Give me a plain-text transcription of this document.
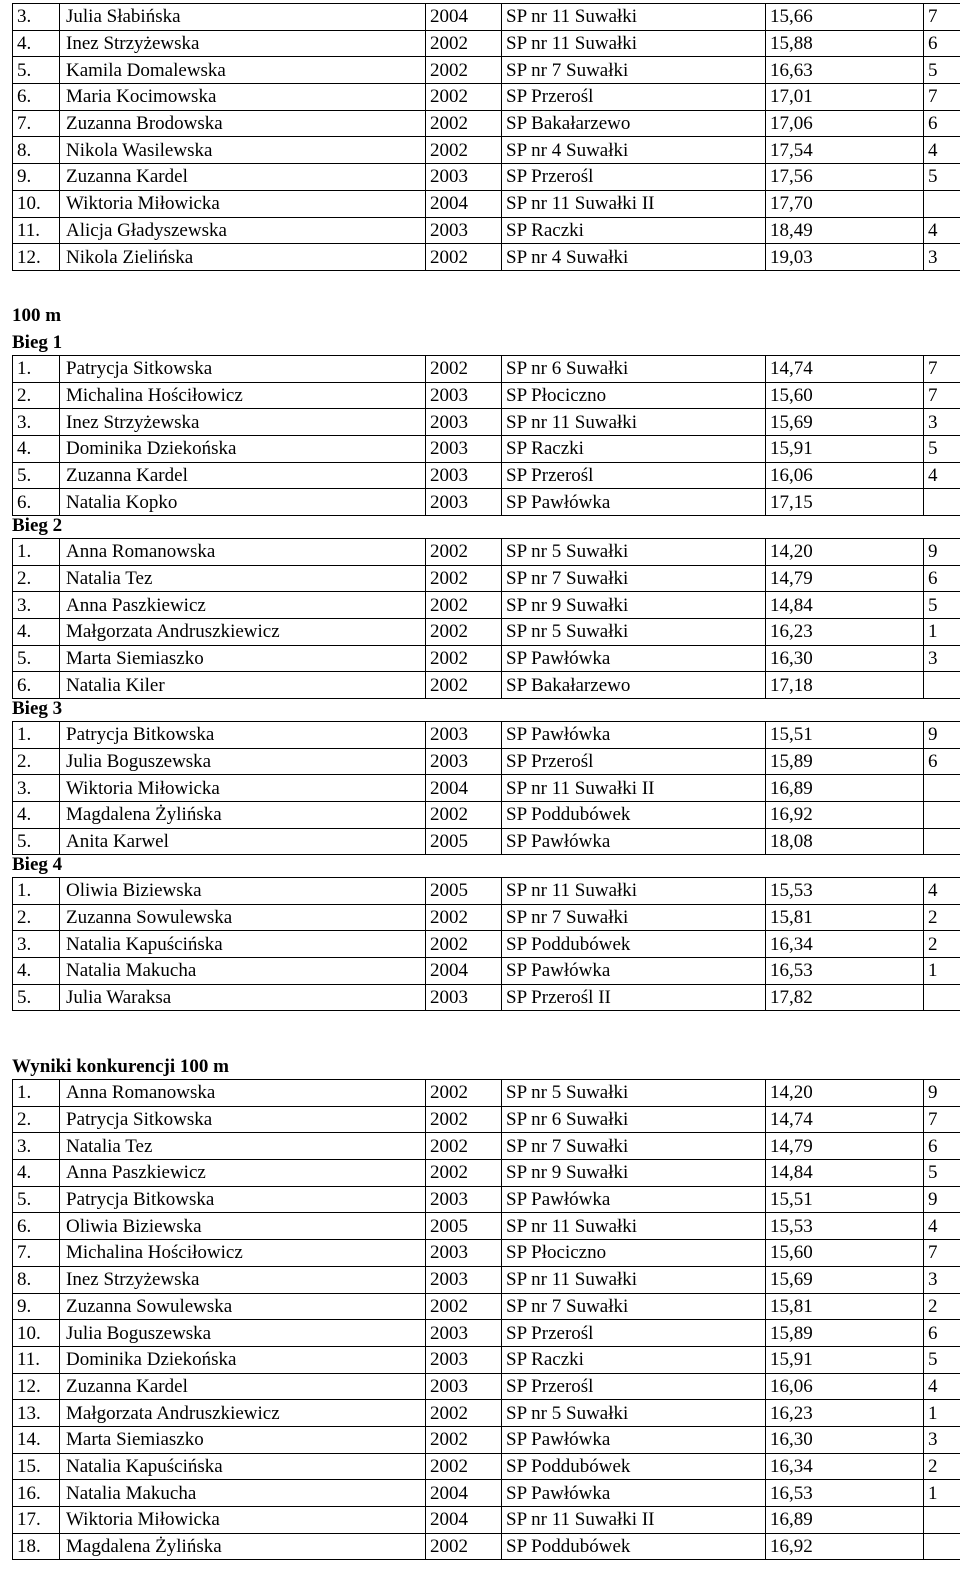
3.	Julia Słabińska	2004	SP nr 11 Suwałki	15,66	7
4.	Inez Strzyżewska	2002	SP nr 11 Suwałki	15,88	6
5.	Kamila Domalewska	2002	SP nr 7 Suwałki	16,63	5
6.	Maria Kocimowska	2002	SP Przerośl	17,01	7
7.	Zuzanna Brodowska	2002	SP Bakałarzewo	17,06	6
8.	Nikola Wasilewska	2002	SP nr 4 Suwałki	17,54	4
9.	Zuzanna Kardel	2003	SP Przerośl	17,56	5
10.	Wiktoria Miłowicka	2004	SP nr 11 Suwałki II	17,70	
11.	Alicja Gładyszewska	2003	SP Raczki	18,49	4
12.	Nikola Zielińska	2002	SP nr 4 Suwałki	19,03	3
100 m
Bieg 1
1.	Patrycja Sitkowska	2002	SP nr 6 Suwałki	14,74	7
2.	Michalina Hościłowicz	2003	SP Płociczno	15,60	7
3.	Inez Strzyżewska	2003	SP nr 11 Suwałki	15,69	3
4.	Dominika Dziekońska	2003	SP Raczki	15,91	5
5.	Zuzanna Kardel	2003	SP Przerośl	16,06	4
6.	Natalia Kopko	2003	SP Pawłówka	17,15	
Bieg 2
1.	Anna Romanowska	2002	SP nr 5 Suwałki	14,20	9
2.	Natalia Tez	2002	SP nr 7 Suwałki	14,79	6
3.	Anna Paszkiewicz	2002	SP nr 9 Suwałki	14,84	5
4.	Małgorzata Andruszkiewicz	2002	SP nr 5 Suwałki	16,23	1
5.	Marta Siemiaszko	2002	SP Pawłówka	16,30	3
6.	Natalia Kiler	2002	SP Bakałarzewo	17,18	
Bieg 3
1.	Patrycja Bitkowska	2003	SP Pawłówka	15,51	9
2.	Julia Boguszewska	2003	SP Przerośl	15,89	6
3.	Wiktoria Miłowicka	2004	SP nr 11 Suwałki II	16,89	
4.	Magdalena Żylińska	2002	SP Poddubówek	16,92	
5.	Anita Karwel	2005	SP Pawłówka	18,08	
Bieg 4
1.	Oliwia Biziewska	2005	SP nr 11 Suwałki	15,53	4
2.	Zuzanna Sowulewska	2002	SP nr 7 Suwałki	15,81	2
3.	Natalia Kapuścińska	2002	SP Poddubówek	16,34	2
4.	Natalia Makucha	2004	SP Pawłówka	16,53	1
5.	Julia Waraksa	2003	SP Przerośl II	17,82	
Wyniki konkurencji 100 m
1.	Anna Romanowska	2002	SP nr 5 Suwałki	14,20	9
2.	Patrycja Sitkowska	2002	SP nr 6 Suwałki	14,74	7
3.	Natalia Tez	2002	SP nr 7 Suwałki	14,79	6
4.	Anna Paszkiewicz	2002	SP nr 9 Suwałki	14,84	5
5.	Patrycja Bitkowska	2003	SP Pawłówka	15,51	9
6.	Oliwia Biziewska	2005	SP nr 11 Suwałki	15,53	4
7.	Michalina Hościłowicz	2003	SP Płociczno	15,60	7
8.	Inez Strzyżewska	2003	SP nr 11 Suwałki	15,69	3
9.	Zuzanna Sowulewska	2002	SP nr 7 Suwałki	15,81	2
10.	Julia Boguszewska	2003	SP Przerośl	15,89	6
11.	Dominika Dziekońska	2003	SP Raczki	15,91	5
12.	Zuzanna Kardel	2003	SP Przerośl	16,06	4
13.	Małgorzata Andruszkiewicz	2002	SP nr 5 Suwałki	16,23	1
14.	Marta Siemiaszko	2002	SP Pawłówka	16,30	3
15.	Natalia Kapuścińska	2002	SP Poddubówek	16,34	2
16.	Natalia Makucha	2004	SP Pawłówka	16,53	1
17.	Wiktoria Miłowicka	2004	SP nr 11 Suwałki II	16,89	
18.	Magdalena Żylińska	2002	SP Poddubówek	16,92	
